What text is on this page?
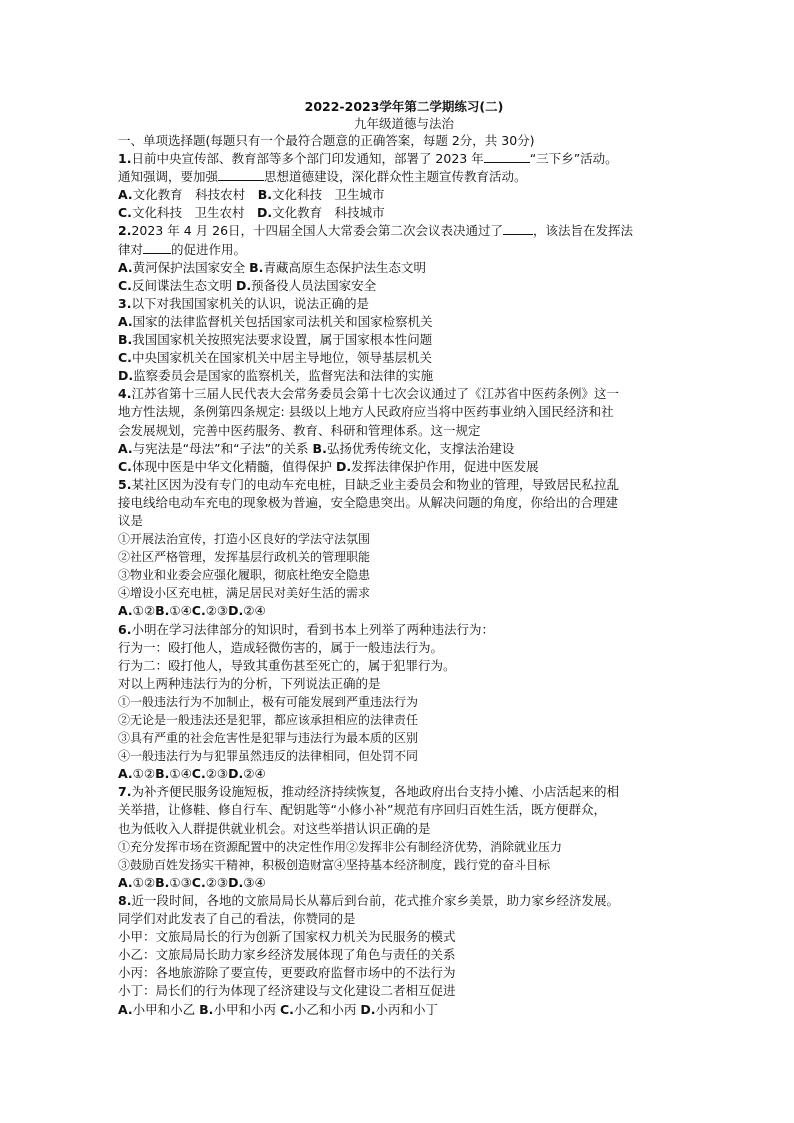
2022-2023学年第二学期练习(二)
九年级道德与法治
一、单项选择题(每题只有一个最符合题意的正确答案，每题 2分，共 30分)
1.日前中央宣传部、教育部等多个部门印发通知，部署了 2023 年	“三下乡”活动。
通知强调，要加强	思想道德建设，深化群众性主题宣传教育活动。
A.文化教育　科技农村　 B.文化科技　卫生城市
C.文化科技　卫生农村　 D.文化教育　科技城市
2.2023 年 4 月 26日，十四届全国人大常委会第二次会议表决通过了 ，该法旨在发挥法
律对 的促进作用。
A.黄河保护法国家安全 B.青藏高原生态保护法生态文明
C.反间谍法生态文明 D.预备役人员法国家安全
3.以下对我国国家机关的认识，说法正确的是
A.国家的法律监督机关包括国家司法机关和国家检察机关
B.我国国家机关按照宪法要求设置，属于国家根本性问题
C.中央国家机关在国家机关中居主导地位，领导基层机关
D.监察委员会是国家的监察机关，监督宪法和法律的实施
4.江苏省第十三届人民代表大会常务委员会第十七次会议通过了《江苏省中医药条例》这一
地方性法规，条例第四条规定: 县级以上地方人民政府应当将中医药事业纳入国民经济和社
会发展规划，完善中医药服务、教育、科研和管理体系。这一规定
A.与宪法是“母法”和“子法”的关系 B.弘扬优秀传统文化，支撑法治建设
C.体现中医是中华文化精髓，值得保护 D.发挥法律保护作用，促进中医发展
5.某社区因为没有专门的电动车充电桩，目缺乏业主委员会和物业的管理，导致居民私拉乱
接电线给电动车充电的现象极为普遍，安全隐患突出。从解决问题的角度，你给出的合理建
议是
①开展法治宣传，打造小区良好的学法守法氛围
②社区严格管理，发挥基层行政机关的管理职能
③物业和业委会应强化履职，彻底杜绝安全隐患
④增设小区充电桩，满足居民对美好生活的需求
A.①②B.①④C.②③D.②④
6.小明在学习法律部分的知识时，看到书本上列举了两种违法行为：
行为一：殴打他人，造成轻微伤害的，属于一般违法行为。
行为二：殴打他人，导致其重伤甚至死亡的，属于犯罪行为。
对以上两种违法行为的分析，下列说法正确的是
①一般违法行为不加制止，极有可能发展到严重违法行为
②无论是一般违法还是犯罪，都应该承担相应的法律责任
③具有严重的社会危害性是犯罪与违法行为最本质的区别
④一般违法行为与犯罪虽然违反的法律相同，但处罚不同
A.①②B.①④C.②③D.②④
7.为补齐便民服务设施短板，推动经济持续恢复，各地政府出台支持小摊、小店活起来的相
关举措，让修鞋、修自行车、配钥匙等“小修小补”规范有序回归百姓生活，既方便群众，
也为低收入人群提供就业机会。对这些举措认识正确的是
①充分发挥市场在资源配置中的决定性作用②发挥非公有制经济优势，消除就业压力
③鼓励百姓发扬实干精神，积极创造财富④坚持基本经济制度，践行党的奋斗目标
A.①②B.①③C.②③D.③④
8.近一段时间，各地的文旅局局长从幕后到台前，花式推介家乡美景，助力家乡经济发展。
同学们对此发表了自己的看法，你赞同的是
小甲：文旅局局长的行为创新了国家权力机关为民服务的模式
小乙：文旅局局长助力家乡经济发展体现了角色与责任的关系
小丙：各地旅游除了要宣传，更要政府监督市场中的不法行为
小丁：局长们的行为体现了经济建设与文化建设二者相互促进
A.小甲和小乙 B.小甲和小丙 C.小乙和小丙 D.小丙和小丁
